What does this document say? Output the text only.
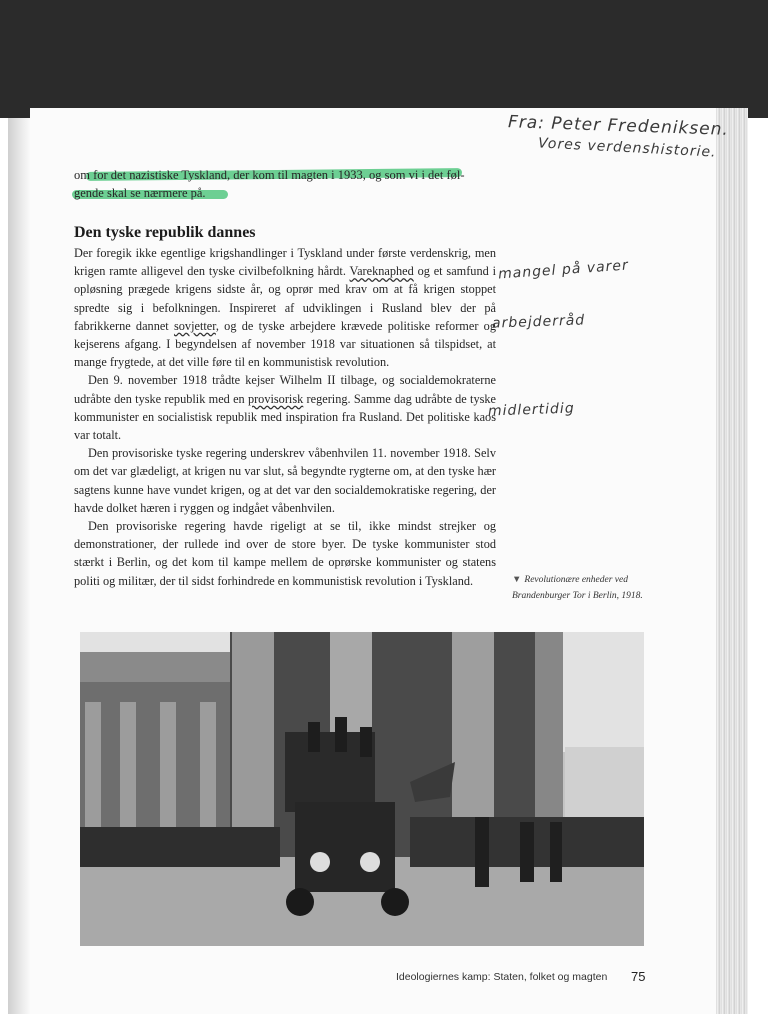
Fra: Peter Fredeniksen.
Vores verdenshistorie.
om for det nazistiske Tyskland, der kom til magten i 1933, og som vi i det føl-
gende skal se nærmere på.
Den tyske republik dannes

Der foregik ikke egentlige krigshandlinger i Tyskland under første verdenskrig, men krigen ramte alligevel den tyske civilbefolkning hårdt. Vareknaphed og et samfund i opløsning prægede krigens sidste år, og oprør med krav om at få krigen stoppet spredte sig i befolkningen. Inspireret af udviklingen i Rusland blev der på fabrikkerne dannet sovjetter, og de tyske arbejdere krævede politiske reformer og kejserens afgang. I begyndelsen af november 1918 var situationen så tilspidset, at mange frygtede, at det ville føre til en kommunistisk revolution.

Den 9. november 1918 trådte kejser Wilhelm II tilbage, og socialdemokraterne udråbte den tyske republik med en provisorisk regering. Samme dag udråbte de tyske kommunister en socialistisk republik med inspiration fra Rusland. Det politiske kaos var totalt.

Den provisoriske tyske regering underskrev våbenhvilen 11. november 1918. Selv om det var glædeligt, at krigen nu var slut, så begyndte rygterne om, at den tyske hær sagtens kunne have vundet krigen, og at det var den socialdemokratiske regering, der havde dolket hæren i ryggen og indgået våbenhvilen.

Den provisoriske regering havde rigeligt at se til, ikke mindst strejker og demonstrationer, der rullede ind over de store byer. De tyske kommunister stod stærkt i Berlin, og det kom til kampe mellem de oprørske kommunister og statens politi og militær, der til sidst forhindrede en kommunistisk revolution i Tyskland.

mangel på varer
arbejderråd
midlertidig
▼ Revolutionære enheder ved Brandenburger Tor i Berlin, 1918.
Ideologiernes kamp: Staten, folket og magten 75
